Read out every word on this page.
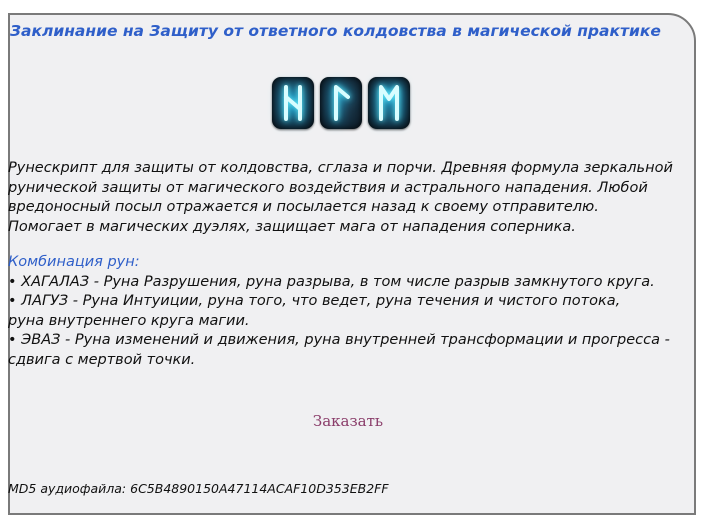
Заклинание на Защиту от ответного колдовства в магической практике
Рунескрипт для защиты от колдовства, сглаза и порчи. Древняя формула зеркальной
рунической защиты от магического воздействия и астрального нападения. Любой
вредоносный посыл отражается и посылается назад к своему отправителю.
Помогает в магических дуэлях, защищает мага от нападения соперника.
Комбинация рун:
• ХАГАЛАЗ - Руна Разрушения, руна разрыва, в том числе разрыв замкнутого круга.
• ЛАГУЗ - Руна Интуиции, руна того, что ведет, руна течения и чистого потока,
руна внутреннего круга магии.
• ЭВАЗ - Руна изменений и движения, руна внутренней трансформации и прогресса -
сдвига с мертвой точки.
Заказать
MD5 аудиофайла: 6C5B4890150A47114ACAF10D353EB2FF
